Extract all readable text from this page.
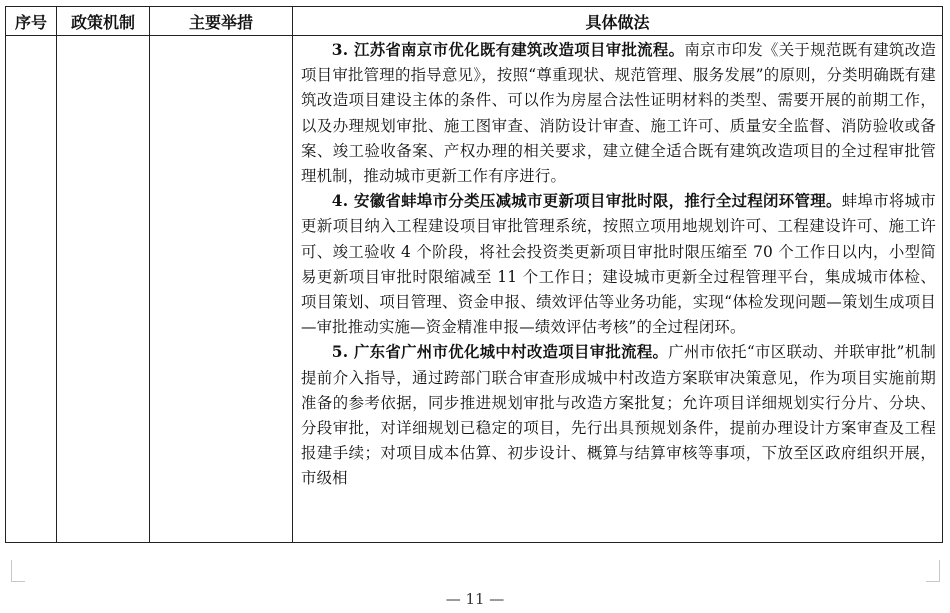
序号	政策机制	主要举措	具体做法

			3. 江苏省南京市优化既有建筑改造项目审批流程。南京市印发《关于规范既有建筑改造项目审批管理的指导意见》，按照“尊重现状、规范管理、服务发展”的原则，分类明确既有建筑改造项目建设主体的条件、可以作为房屋合法性证明材料的类型、需要开展的前期工作，以及办理规划审批、施工图审查、消防设计审查、施工许可、质量安全监督、消防验收或备案、竣工验收备案、产权办理的相关要求，建立健全适合既有建筑改造项目的全过程审批管理机制，推动城市更新工作有序进行。

4. 安徽省蚌埠市分类压减城市更新项目审批时限，推行全过程闭环管理。蚌埠市将城市更新项目纳入工程建设项目审批管理系统，按照立项用地规划许可、工程建设许可、施工许可、竣工验收 4 个阶段，将社会投资类更新项目审批时限压缩至 70 个工作日以内，小型简易更新项目审批时限缩减至 11 个工作日；建设城市更新全过程管理平台，集成城市体检、项目策划、项目管理、资金申报、绩效评估等业务功能，实现“体检发现问题—策划生成项目—审批推动实施—资金精准申报—绩效评估考核”的全过程闭环。

5. 广东省广州市优化城中村改造项目审批流程。广州市依托“市区联动、并联审批”机制提前介入指导，通过跨部门联合审查形成城中村改造方案联审决策意见，作为项目实施前期准备的参考依据，同步推进规划审批与改造方案批复；允许项目详细规划实行分片、分块、分段审批，对详细规划已稳定的项目，先行出具预规划条件，提前办理设计方案审查及工程报建手续；对项目成本估算、初步设计、概算与结算审核等事项，下放至区政府组织开展，市级相

— 11 —
